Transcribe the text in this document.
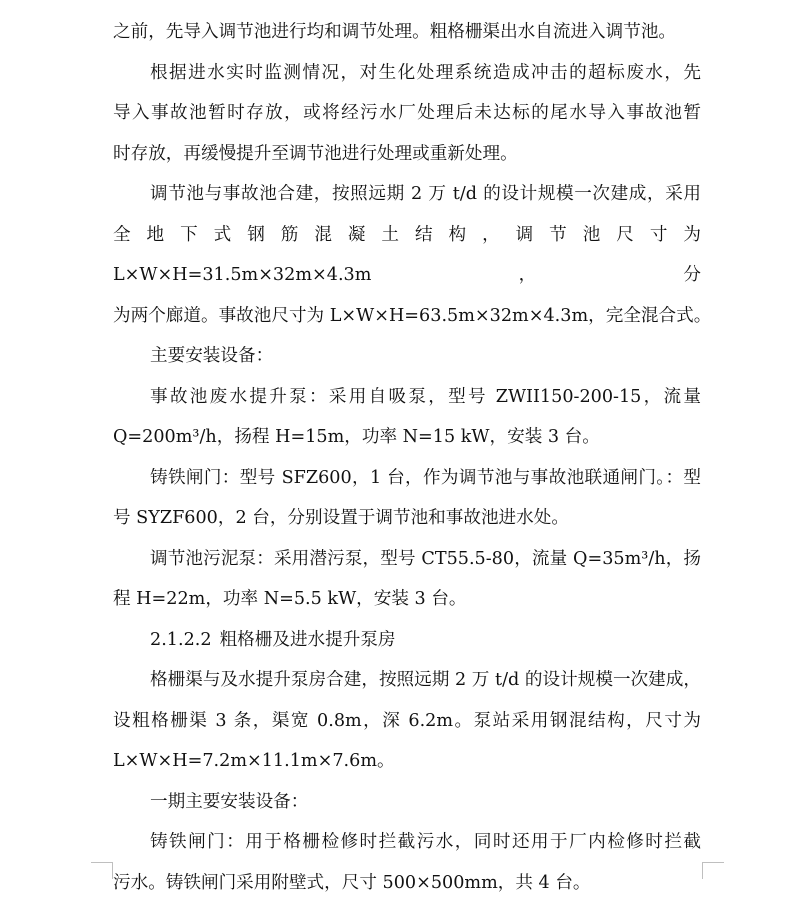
之前，先导入调节池进行均和调节处理。粗格栅渠出水自流进入调节池。

根据进水实时监测情况，对生化处理系统造成冲击的超标废水，先
导入事故池暂时存放，或将经污水厂处理后未达标的尾水导入事故池暂
时存放，再缓慢提升至调节池进行处理或重新处理。

调节池与事故池合建，按照远期 2 万 t/d 的设计规模一次建成，采用
全地下式钢筋混凝土结构，调节池尺寸为 L×W×H=31.5m×32m×4.3m，分
为两个廊道。事故池尺寸为 L×W×H=63.5m×32m×4.3m，完全混合式。

主要安装设备：

事故池废水提升泵：采用自吸泵，型号 ZWII150-200-15，流量
Q=200m³/h，扬程 H=15m，功率 N=15 kW，安装 3 台。

铸铁闸门：型号 SFZ600，1 台，作为调节池与事故池联通闸门。：型
号 SYZF600，2 台，分别设置于调节池和事故池进水处。

调节池污泥泵：采用潜污泵，型号 CT55.5-80，流量 Q=35m³/h，扬
程 H=22m，功率 N=5.5 kW，安装 3 台。

2.1.2.2 粗格栅及进水提升泵房

格栅渠与及水提升泵房合建，按照远期 2 万 t/d 的设计规模一次建成，
设粗格栅渠 3 条，渠宽 0.8m，深 6.2m。泵站采用钢混结构，尺寸为
L×W×H=7.2m×11.1m×7.6m。

一期主要安装设备：

铸铁闸门：用于格栅检修时拦截污水，同时还用于厂内检修时拦截
污水。铸铁闸门采用附壁式，尺寸 500×500mm，共 4 台。
